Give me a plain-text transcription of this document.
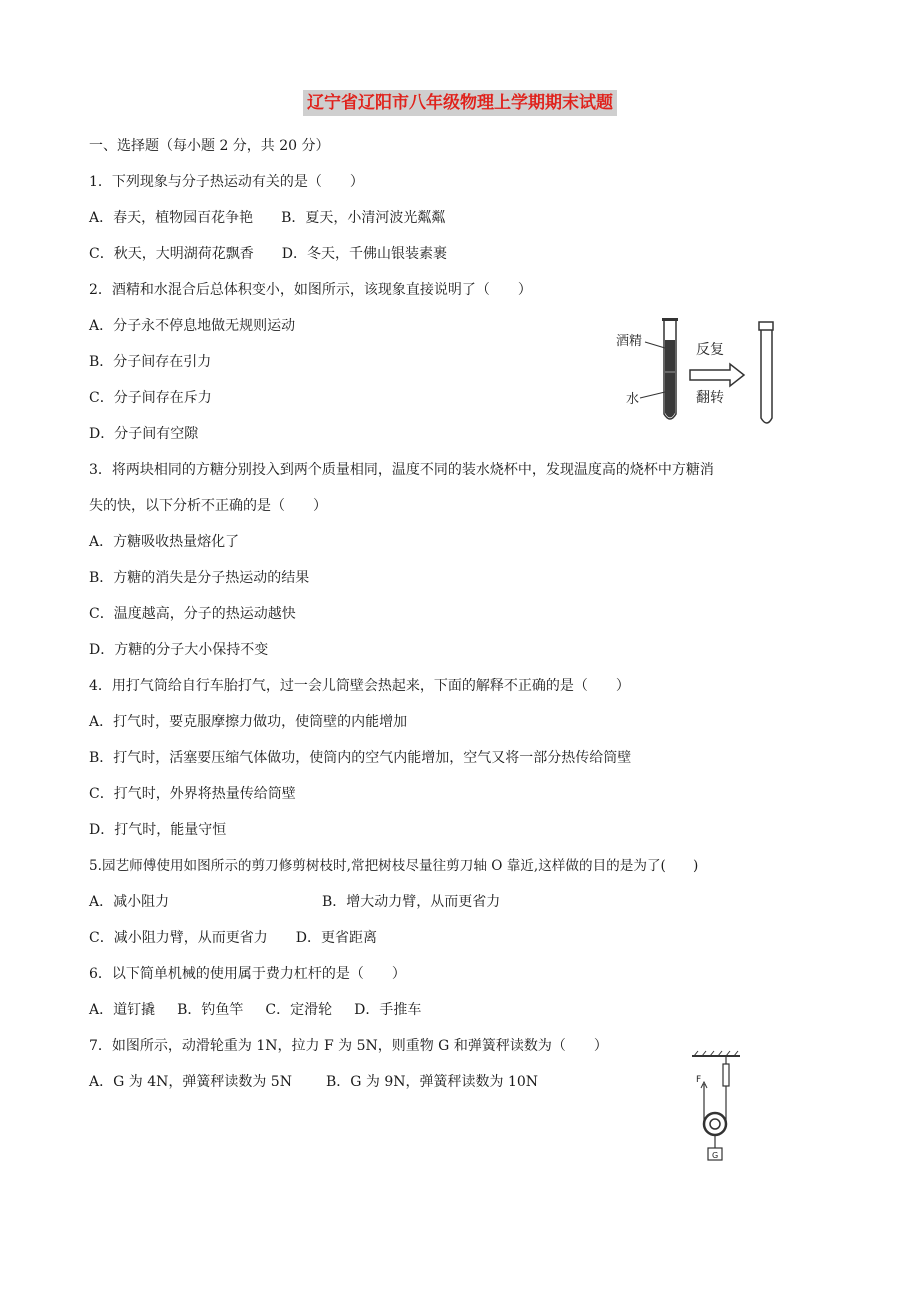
辽宁省辽阳市八年级物理上学期期末试题
一、选择题（每小题 2 分，共 20 分）
1．下列现象与分子热运动有关的是（　　）
A．春天，植物园百花争艳 B．夏天，小清河波光粼粼
C．秋天，大明湖荷花飘香 D．冬天，千佛山银装素裹
2．酒精和水混合后总体积变小，如图所示，该现象直接说明了（　　）
A．分子永不停息地做无规则运动
B．分子间存在引力
C．分子间存在斥力
D．分子间有空隙
酒精
水
反复
翻转
3．将两块相同的方糖分别投入到两个质量相同，温度不同的装水烧杯中，发现温度高的烧杯中方糖消
失的快，以下分析不正确的是（　　）
A．方糖吸收热量熔化了
B．方糖的消失是分子热运动的结果
C．温度越高，分子的热运动越快
D．方糖的分子大小保持不变
4．用打气筒给自行车胎打气，过一会儿筒壁会热起来，下面的解释不正确的是（　　）
A．打气时，要克服摩擦力做功，使筒壁的内能增加
B．打气时，活塞要压缩气体做功，使筒内的空气内能增加，空气又将一部分热传给筒壁
C．打气时，外界将热量传给筒壁
D．打气时，能量守恒
5.园艺师傅使用如图所示的剪刀修剪树枝时,常把树枝尽量往剪刀轴 O 靠近,这样做的目的是为了(　　)
A．减小阻力	B．增大动力臂，从而更省力
C．减小阻力臂，从而更省力 D．更省距离
6．以下简单机械的使用属于费力杠杆的是（　　）
A．道钉撬 B．钓鱼竿 C．定滑轮 D．手推车
7．如图所示，动滑轮重为 1N，拉力 F 为 5N，则重物 G 和弹簧秤读数为（　　）
A．G 为 4N，弹簧秤读数为 5N B．G 为 9N，弹簧秤读数为 10N	F
G
